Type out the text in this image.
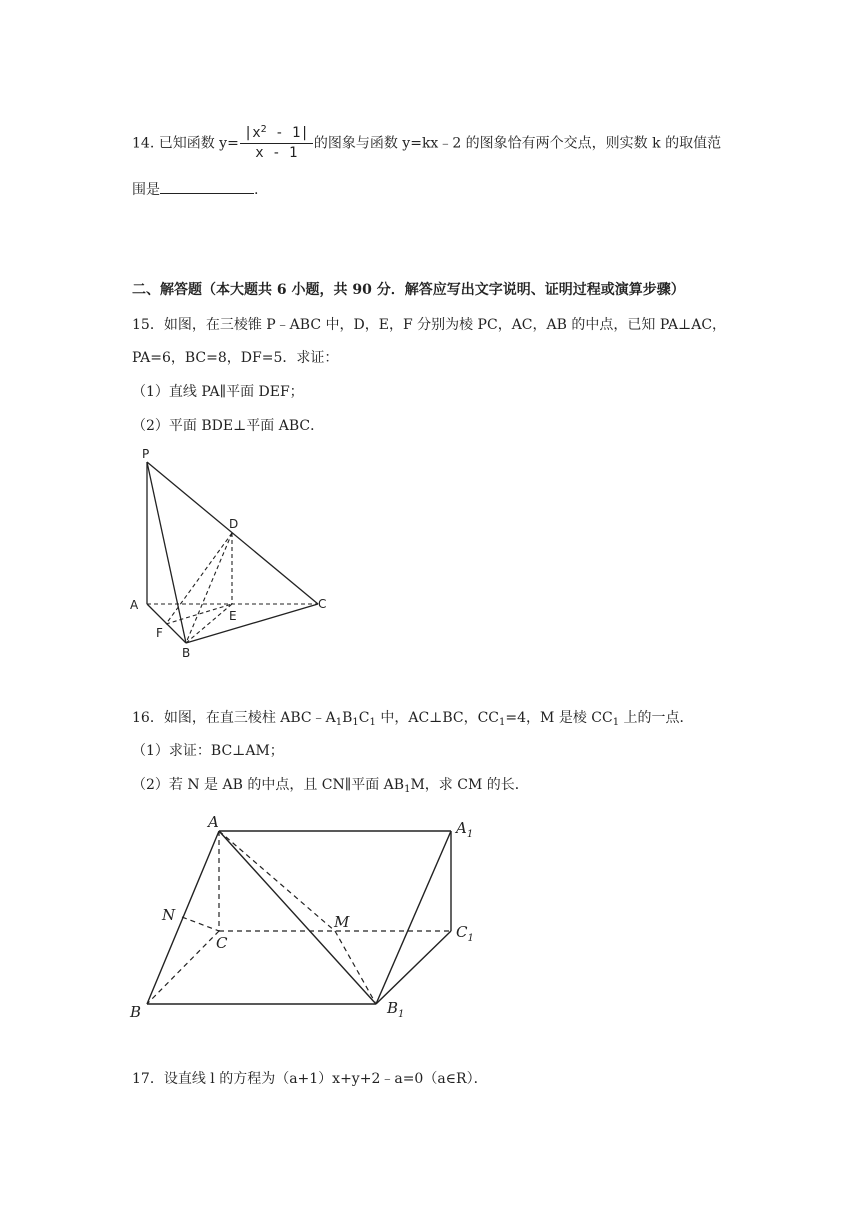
14. 已知函数 $y= \frac{|x^2 - 1|}{x - 1}$ 的图象与函数 y=kx﹣2 的图象恰有两个交点，则实数 k 的取值范
围是	.
二、解答题（本大题共 6 小题，共 90 分．解答应写出文字说明、证明过程或演算步骤）
15．如图，在三棱锥 P﹣ABC 中，D，E，F 分别为棱 PC，AC，AB 的中点，已知 PA⊥AC，
PA=6，BC=8，DF=5．求证：
（1）直线 PA∥平面 DEF；
（2）平面 BDE⊥平面 ABC．
P
D
A
E
C
F
B
16．如图，在直三棱柱 $ABC﹣A_1B_1C_1$ 中，AC⊥BC，$CC_1=4$，M 是棱 $CC_1$ 上的一点．
（1）求证：BC⊥AM；
（2）若 N 是 AB 的中点，且 CN∥平面 $AB_1M$，求 CM 的长．
A	$A_1$
N	M
C
$C_1$
B	$B_1$
17．设直线 l 的方程为（a+1）x+y+2﹣a=0（a∈R）．
